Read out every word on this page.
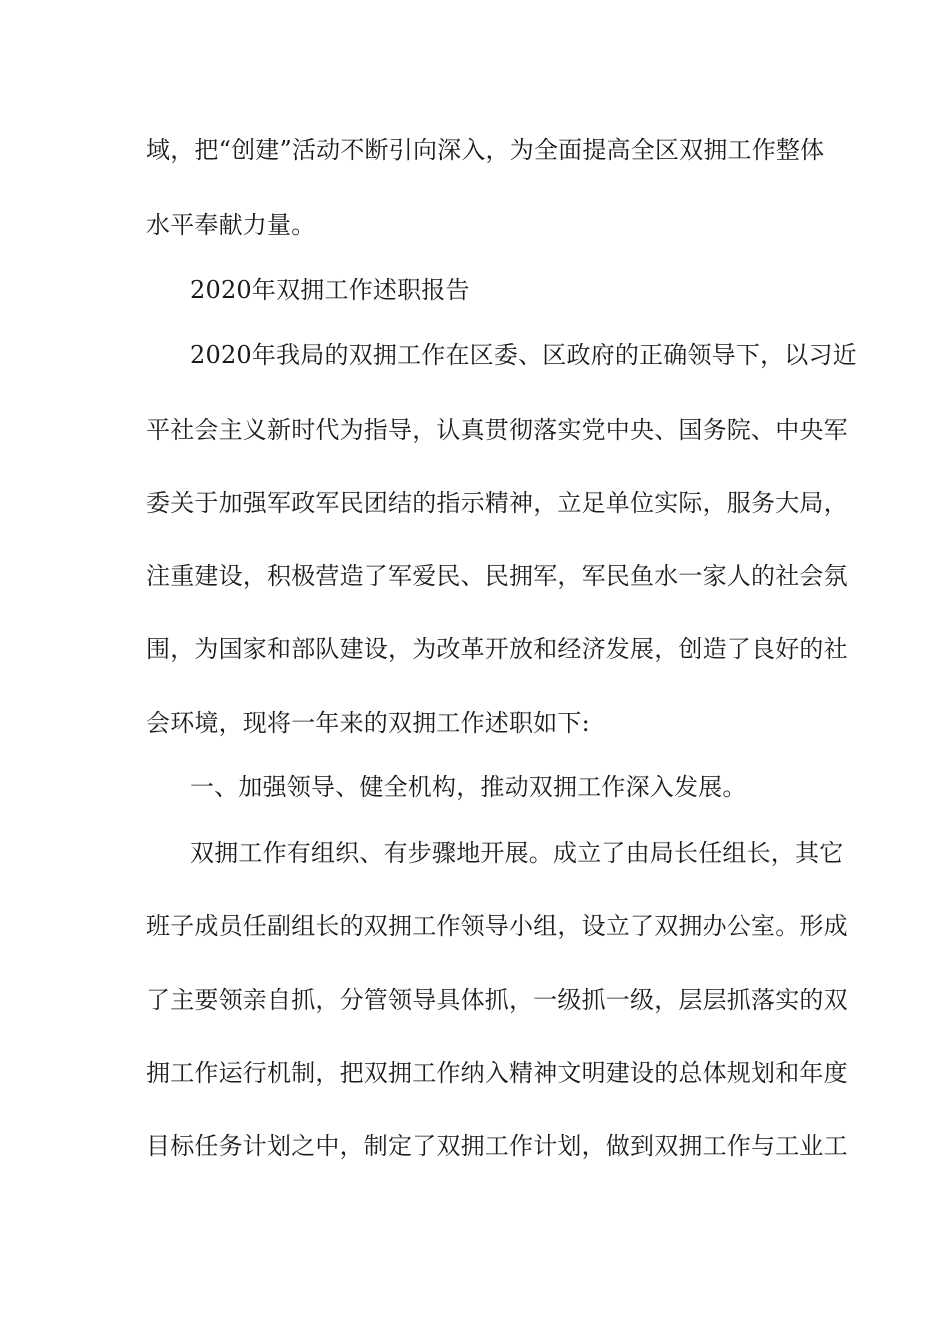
域，把“创建”活动不断引向深入，为全面提高全区双拥工作整体
水平奉献力量。
2020年双拥工作述职报告
2020年我局的双拥工作在区委、区政府的正确领导下，以习近
平社会主义新时代为指导，认真贯彻落实党中央、国务院、中央军
委关于加强军政军民团结的指示精神，立足单位实际，服务大局，
注重建设，积极营造了军爱民、民拥军，军民鱼水一家人的社会氛
围，为国家和部队建设，为改革开放和经济发展，创造了良好的社
会环境，现将一年来的双拥工作述职如下:
一、加强领导、健全机构，推动双拥工作深入发展。
双拥工作有组织、有步骤地开展。成立了由局长任组长，其它
班子成员任副组长的双拥工作领导小组，设立了双拥办公室。形成
了主要领亲自抓，分管领导具体抓，一级抓一级，层层抓落实的双
拥工作运行机制，把双拥工作纳入精神文明建设的总体规划和年度
目标任务计划之中，制定了双拥工作计划，做到双拥工作与工业工
